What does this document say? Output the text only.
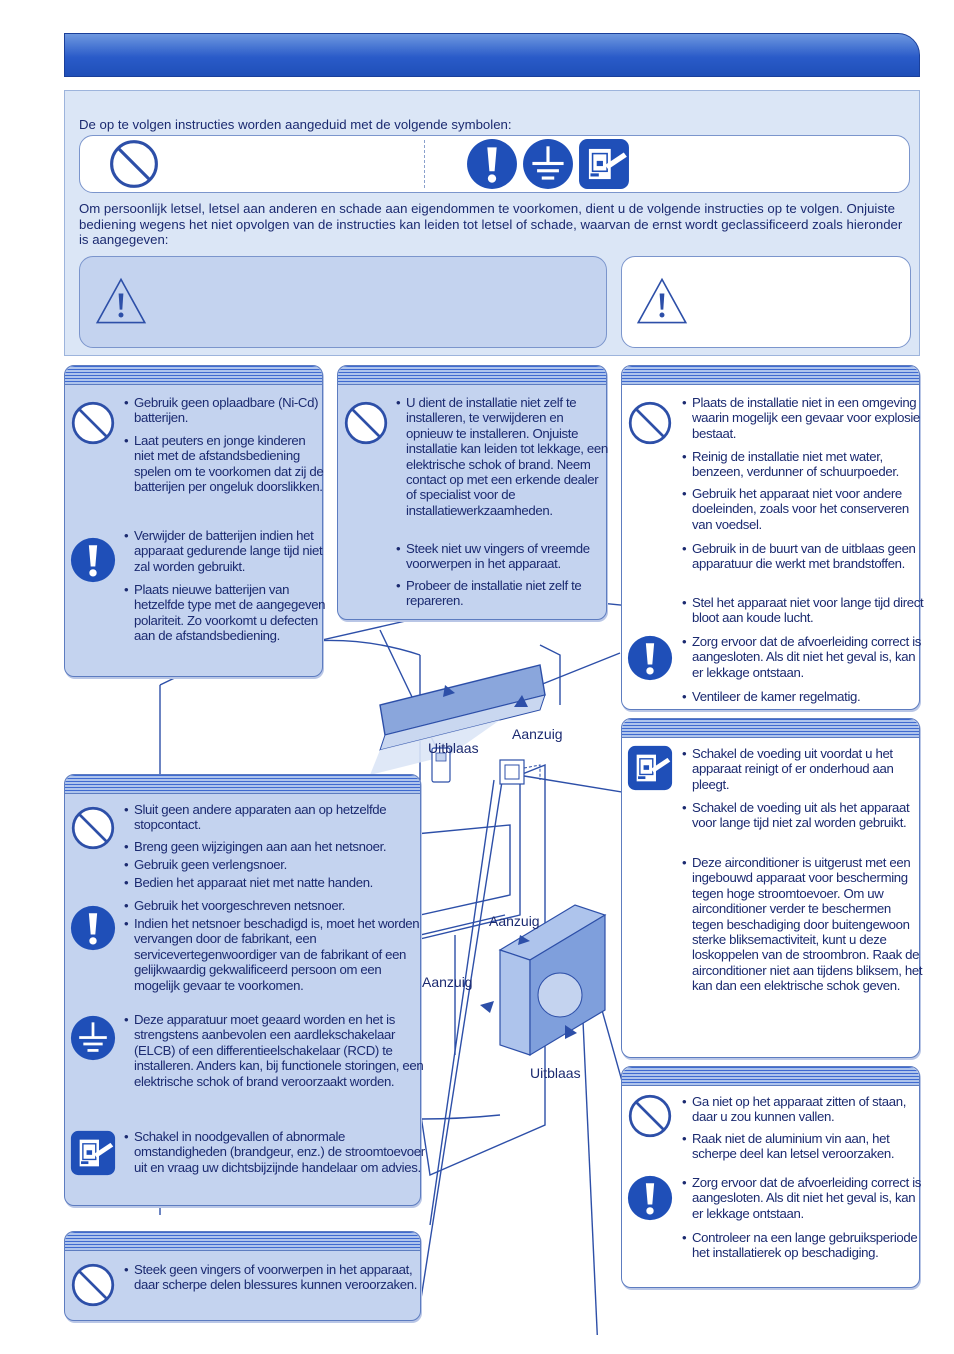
De op te volgen instructies worden aangeduid met de volgende symbolen:
Om persoonlijk letsel, letsel aan anderen en schade aan eigendommen te voorkomen, dient u de volgende instructies op te volgen. Onjuiste bediening wegens het niet opvolgen van de instructies kan leiden tot letsel of schade, waarvan de ernst wordt geclassificeerd zoals hieronder is aangegeven:
Uitblaas
Aanzuig
Aanzuig
Aanzuig
Uitblaas
• Gebruik geen oplaadbare (Ni-Cd) batterijen.
• Laat peuters en jonge kinderen niet met de afstandsbediening spelen om te voorkomen dat zij de batterijen per ongeluk doorslikken.
• Verwijder de batterijen indien het apparaat gedurende lange tijd niet zal worden gebruikt.
• Plaats nieuwe batterijen van hetzelfde type met de aangegeven polariteit. Zo voorkomt u defecten aan de afstandsbediening.
• U dient de installatie niet zelf te installeren, te verwijderen en opnieuw te installeren. Onjuiste installatie kan leiden tot lekkage, een elektrische schok of brand. Neem contact op met een erkende dealer of specialist voor de installatiewerkzaamheden.
• Steek niet uw vingers of vreemde voorwerpen in het apparaat.
• Probeer de installatie niet zelf te repareren.
• Plaats de installatie niet in een omgeving waarin mogelijk een gevaar voor explosie bestaat.
• Reinig de installatie niet met water, benzeen, verdunner of schuurpoeder.
• Gebruik het apparaat niet voor andere doeleinden, zoals voor het conserveren van voedsel.
• Gebruik in de buurt van de uitblaas geen apparatuur die werkt met brandstoffen.
• Stel het apparaat niet voor lange tijd direct bloot aan koude lucht.
• Zorg ervoor dat de afvoerleiding correct is aangesloten. Als dit niet het geval is, kan er lekkage ontstaan.
• Ventileer de kamer regelmatig.
• Schakel de voeding uit voordat u het apparaat reinigt of er onderhoud aan pleegt.
• Schakel de voeding uit als het apparaat voor lange tijd niet zal worden gebruikt.
• Deze airconditioner is uitgerust met een ingebouwd apparaat voor bescherming tegen hoge stroomtoevoer. Om uw airconditioner verder te beschermen tegen beschadiging door buitengewoon sterke bliksemactiviteit, kunt u deze loskoppelen van de stroombron. Raak de airconditioner niet aan tijdens bliksem, het kan dan een elektrische schok geven.
• Ga niet op het apparaat zitten of staan, daar u zou kunnen vallen.
• Raak niet de aluminium vin aan, het scherpe deel kan letsel veroorzaken.
• Zorg ervoor dat de afvoerleiding correct is aangesloten. Als dit niet het geval is, kan er lekkage ontstaan.
• Controleer na een lange gebruiksperiode het installatierek op beschadiging.
• Sluit geen andere apparaten aan op hetzelfde stopcontact.
• Breng geen wijzigingen aan aan het netsnoer.
• Gebruik geen verlengsnoer.
• Bedien het apparaat niet met natte handen.
• Gebruik het voorgeschreven netsnoer.
• Indien het netsnoer beschadigd is, moet het worden vervangen door de fabrikant, een servicevertegenwoordiger van de fabrikant of een gelijkwaardig gekwalificeerd persoon om een mogelijk gevaar te voorkomen.
• Deze apparatuur moet geaard worden en het is strengstens aanbevolen een aardlekschakelaar (ELCB) of een differentieelschakelaar (RCD) te installeren. Anders kan, bij functionele storingen, een elektrische schok of brand veroorzaakt worden.
• Schakel in noodgevallen of abnormale omstandigheden (brandgeur, enz.) de stroomtoevoer uit en vraag uw dichtsbijzijnde handelaar om advies.
• Steek geen vingers of voorwerpen in het apparaat, daar scherpe delen blessures kunnen veroorzaken.
